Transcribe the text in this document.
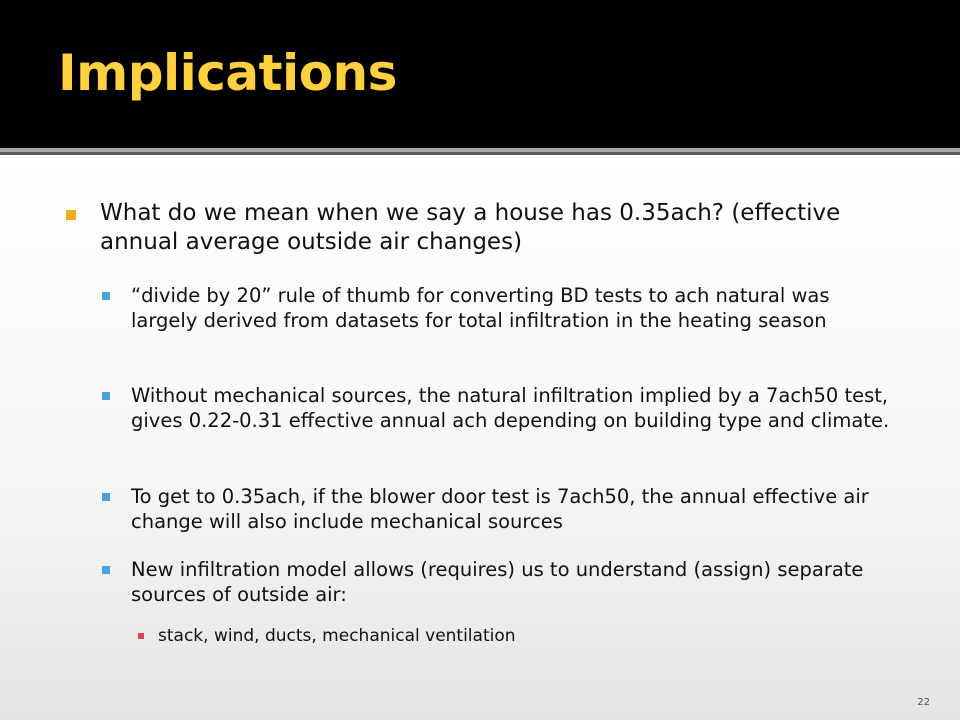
Implications
What do we mean when we say a house has 0.35ach? (effective annual average outside air changes)
“divide by 20” rule of thumb for converting BD tests to ach natural was largely derived from datasets for total infiltration in the heating season
Without mechanical sources, the natural infiltration implied by a 7ach50 test, gives 0.22-0.31 effective annual ach depending on building type and climate.
To get to 0.35ach, if the blower door test is 7ach50, the annual effective air change will also include mechanical sources
New infiltration model allows (requires) us to understand (assign) separate sources of outside air:
stack, wind, ducts, mechanical ventilation
22
